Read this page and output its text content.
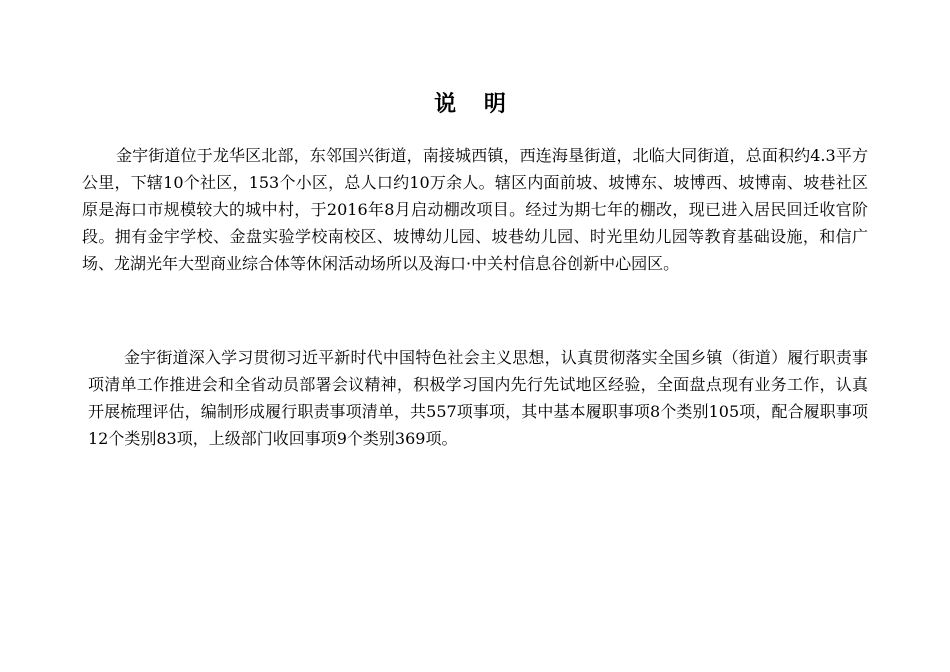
说 明

金宇街道位于龙华区北部，东邻国兴街道，南接城西镇，西连海垦街道，北临大同街道，总面积约4.3平方公里，下辖10个社区，153个小区，总人口约10万余人。辖区内面前坡、坡博东、坡博西、坡博南、坡巷社区原是海口市规模较大的城中村，于2016年8月启动棚改项目。经过为期七年的棚改，现已进入居民回迁收官阶段。拥有金宇学校、金盘实验学校南校区、坡博幼儿园、坡巷幼儿园、时光里幼儿园等教育基础设施，和信广场、龙湖光年大型商业综合体等休闲活动场所以及海口·中关村信息谷创新中心园区。

金宇街道深入学习贯彻习近平新时代中国特色社会主义思想，认真贯彻落实全国乡镇（街道）履行职责事项清单工作推进会和全省动员部署会议精神，积极学习国内先行先试地区经验，全面盘点现有业务工作，认真开展梳理评估，编制形成履行职责事项清单，共557项事项，其中基本履职事项8个类别105项，配合履职事项12个类别83项，上级部门收回事项9个类别369项。
